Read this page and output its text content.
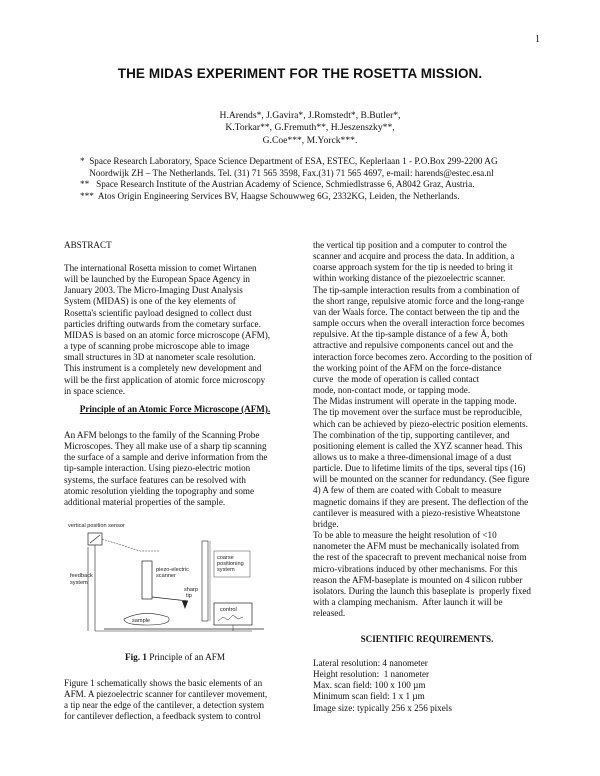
1
THE MIDAS EXPERIMENT FOR THE ROSETTA MISSION.
H.Arends*, J.Gavira*, J.Romstedt*, B.Butler*,
K.Torkar**, G.Fremuth**, H.Jeszenszky**,
G.Coe***, M.Yorck***.
*  Space Research Laboratory, Space Science Department of ESA, ESTEC, Keplerlaan 1 - P.O.Box 299-2200 AG
Noordwijk ZH – The Netherlands. Tel. (31) 71 565 3598, Fax.(31) 71 565 4697, e-mail: harends@estec.esa.nl
**   Space Research Institute of the Austrian Academy of Science, Schmiedlstrasse 6, A8042 Graz, Austria.
***  Atos Origin Engineering Services BV, Haagse Schouwweg 6G, 2332KG, Leiden, the Netherlands.
ABSTRACT
The international Rosetta mission to comet Wirtanen
will be launched by the European Space Agency in
January 2003. The Micro-Imaging Dust Analysis
System (MIDAS) is one of the key elements of
Rosetta's scientific payload designed to collect dust
particles drifting outwards from the cometary surface.
MIDAS is based on an atomic force microscope (AFM),
a type of scanning probe microscope able to image
small structures in 3D at nanometer scale resolution.
This instrument is a completely new development and
will be the first application of atomic force microscopy
in space science.
Principle of an Atomic Force Microscope (AFM).
An AFM belongs to the family of the Scanning Probe
Microscopes. They all make use of a sharp tip scanning
the surface of a sample and derive information from the
tip-sample interaction. Using piezo-electric motion
systems, the surface features can be resolved with
atomic resolution yielding the topography and some
additional material properties of the sample.
vertical position sensor
feedback
system
piezo-electric
scanner
coarse
positioning
system
sharp
tip
sample
control
Fig. 1 Principle of an AFM
Figure 1 schematically shows the basic elements of an
AFM. A piezoelectric scanner for cantilever movement,
a tip near the edge of the cantilever, a detection system
for cantilever deflection, a feedback system to control
the vertical tip position and a computer to control the
scanner and acquire and process the data. In addition, a
coarse approach system for the tip is needed to bring it
within working distance of the piezoelectric scanner.
The tip-sample interaction results from a combination of
the short range, repulsive atomic force and the long-range
van der Waals force. The contact between the tip and the
sample occurs when the overall interaction force becomes
repulsive. At the tip-sample distance of a few Å, both
attractive and repulsive components cancel out and the
interaction force becomes zero. According to the position of
the working point of the AFM on the force-distance
curve  the mode of operation is called contact
mode, non-contact mode, or tapping mode.
The Midas instrument will operate in the tapping mode.
The tip movement over the surface must be reproducible,
which can be achieved by piezo-electric position elements.
The combination of the tip, supporting cantilever, and
positioning element is called the XYZ scanner head. This
allows us to make a three-dimensional image of a dust
particle. Due to lifetime limits of the tips, several tips (16)
will be mounted on the scanner for redundancy. (See figure
4) A few of them are coated with Cobalt to measure
magnetic domains if they are present. The deflection of the
cantilever is measured with a piezo-resistive Wheatstone
bridge.
To be able to measure the height resolution of <10
nanometer the AFM must be mechanically isolated from
the rest of the spacecraft to prevent mechanical noise from
micro-vibrations induced by other mechanisms. For this
reason the AFM-baseplate is mounted on 4 silicon rubber
isolators. During the launch this baseplate is  properly fixed
with a clamping mechanism.  After launch it will be
released.
SCIENTIFIC REQUIREMENTS.
Lateral resolution: 4 nanometer
Height resolution:  1 nanometer
Max. scan field: 100 x 100 µm
Minimum scan field: 1 x 1 µm
Image size: typically 256 x 256 pixels
